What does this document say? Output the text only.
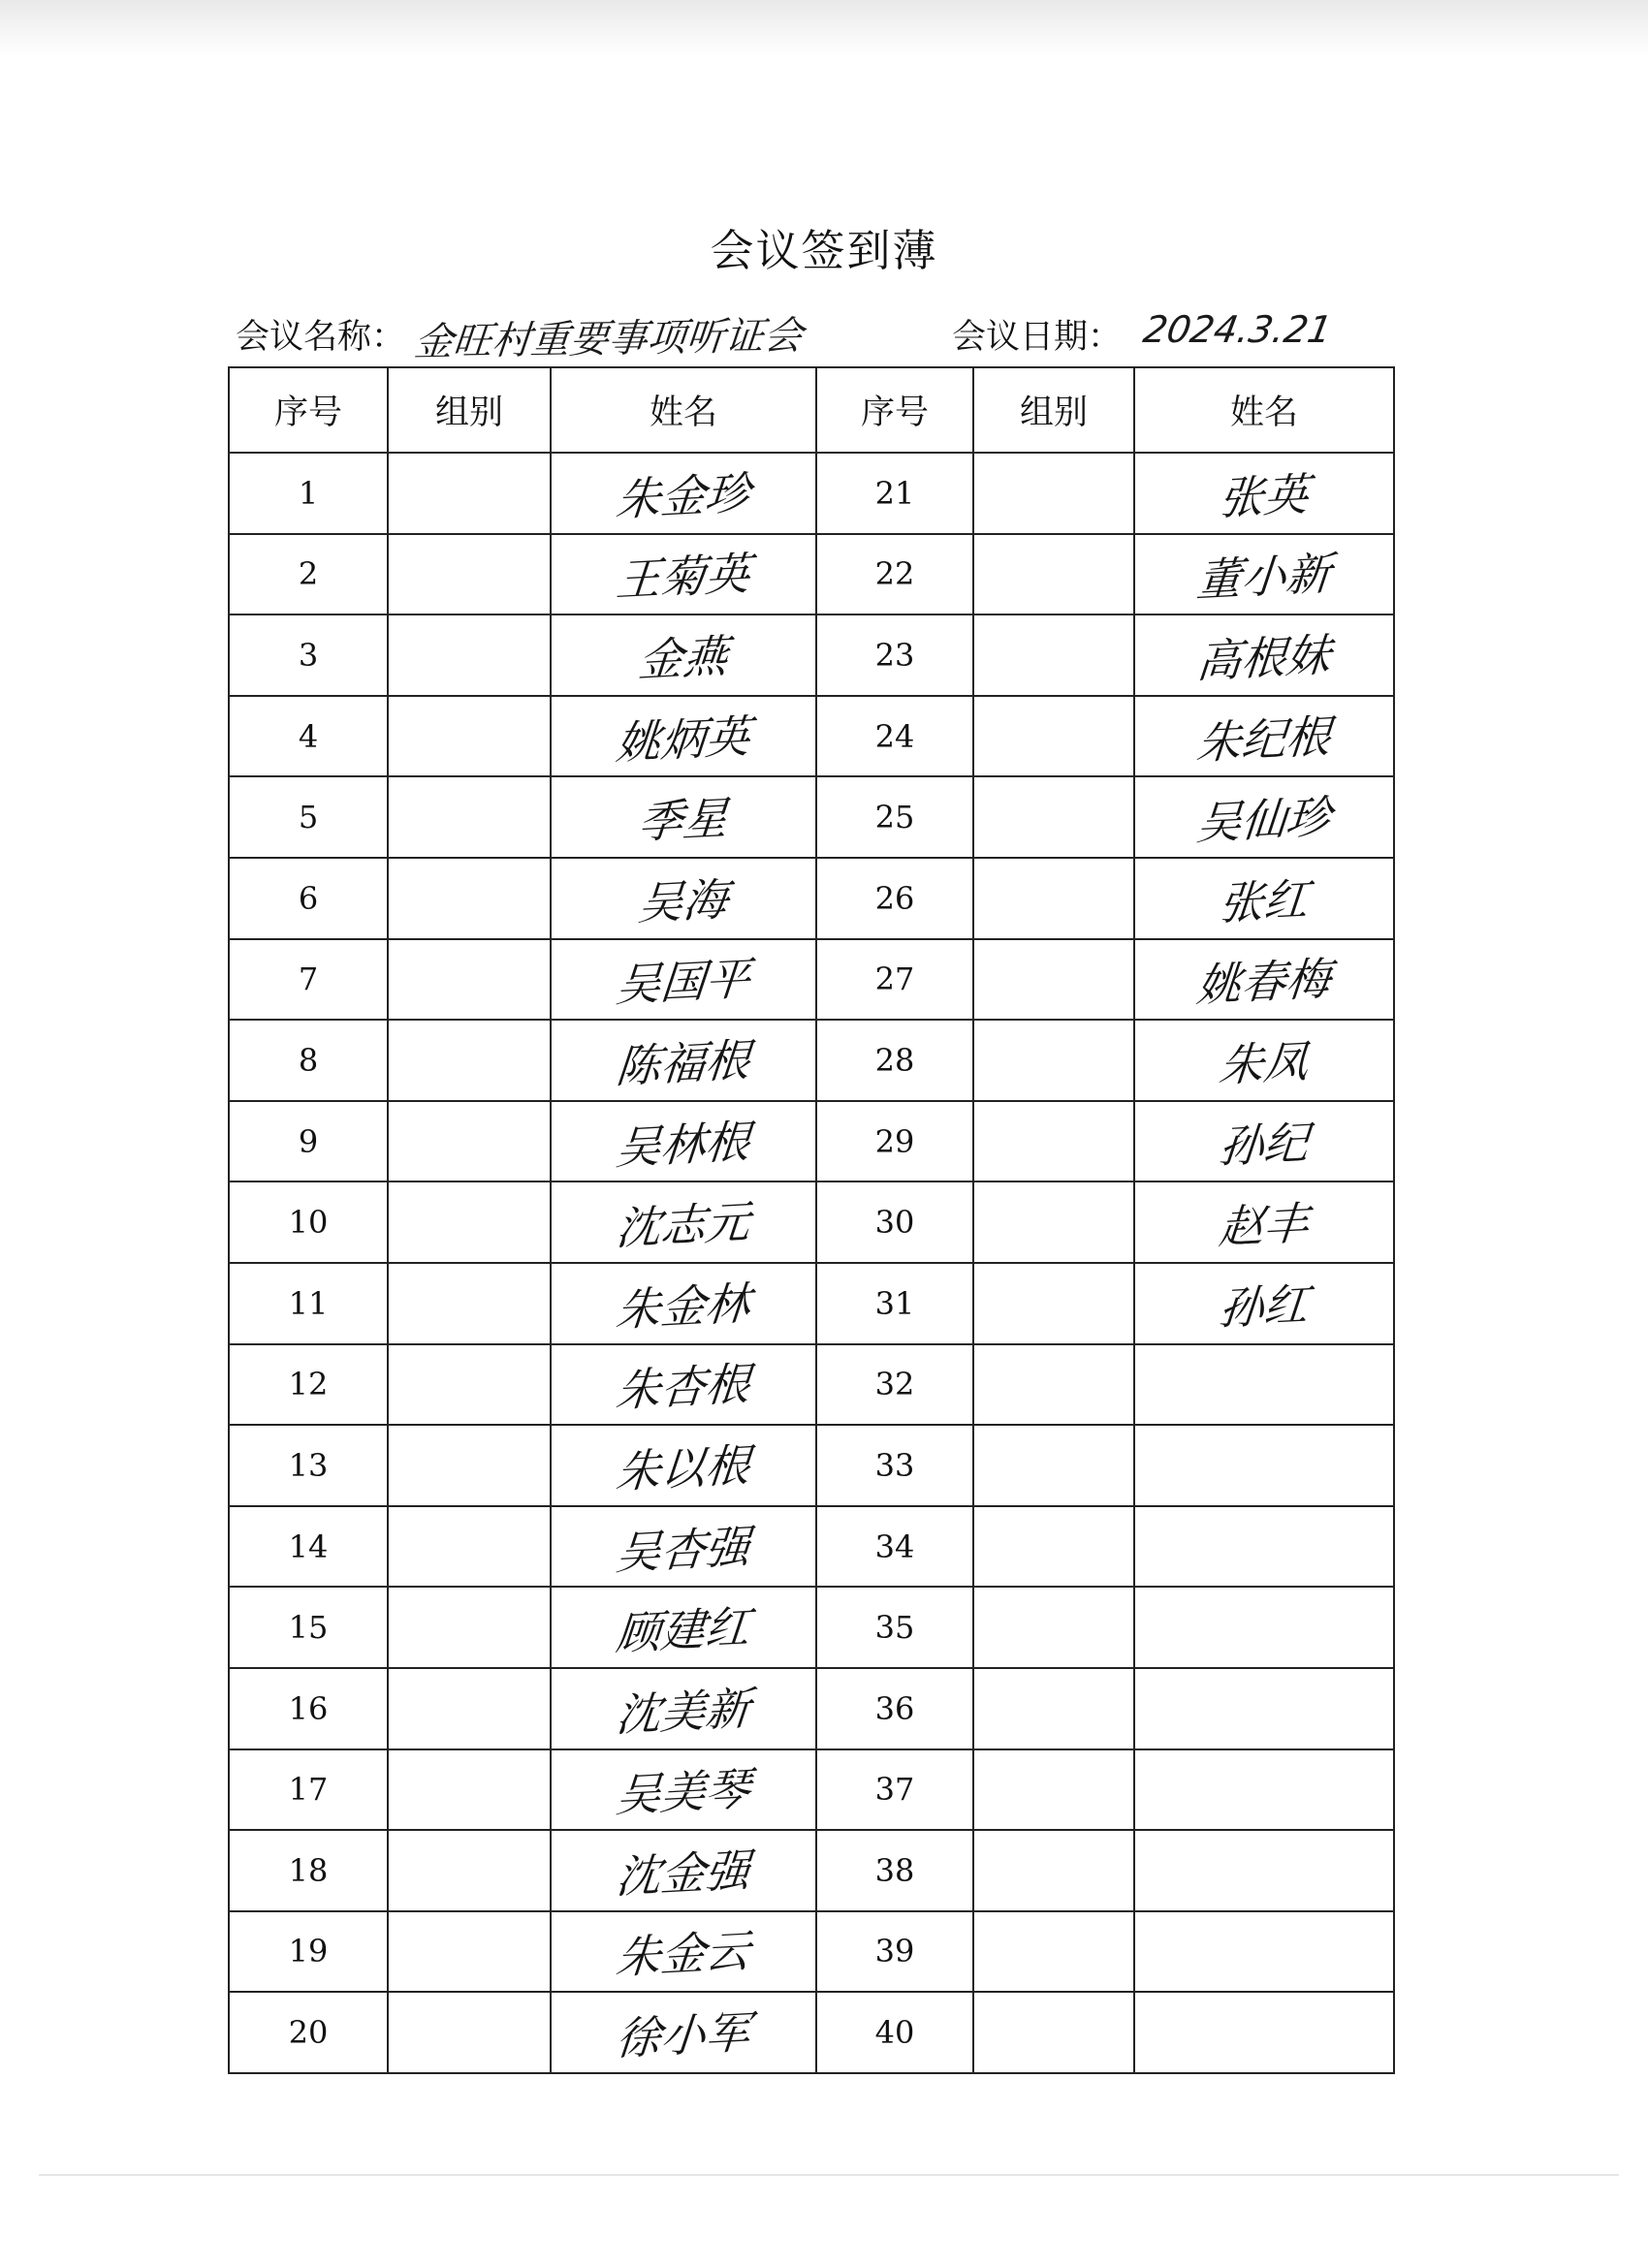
会议签到薄
会议名称： 金旺村重要事项听证会	会议日期： 2024.3.21
序号	组别	姓名	序号	组别	姓名
1		朱金珍	21		张英
2		王菊英	22		董小新
3		金燕	23		高根妹
4		姚炳英	24		朱纪根
5		季星	25		吴仙珍
6		吴海	26		张红
7		吴国平	27		姚春梅
8		陈福根	28		朱凤
9		吴林根	29		孙纪
10		沈志元	30		赵丰
11		朱金林	31		孙红
12		朱杏根	32		
13		朱以根	33		
14		吴杏强	34		
15		顾建红	35		
16		沈美新	36		
17		吴美琴	37		
18		沈金强	38		
19		朱金云	39		
20		徐小军	40		
